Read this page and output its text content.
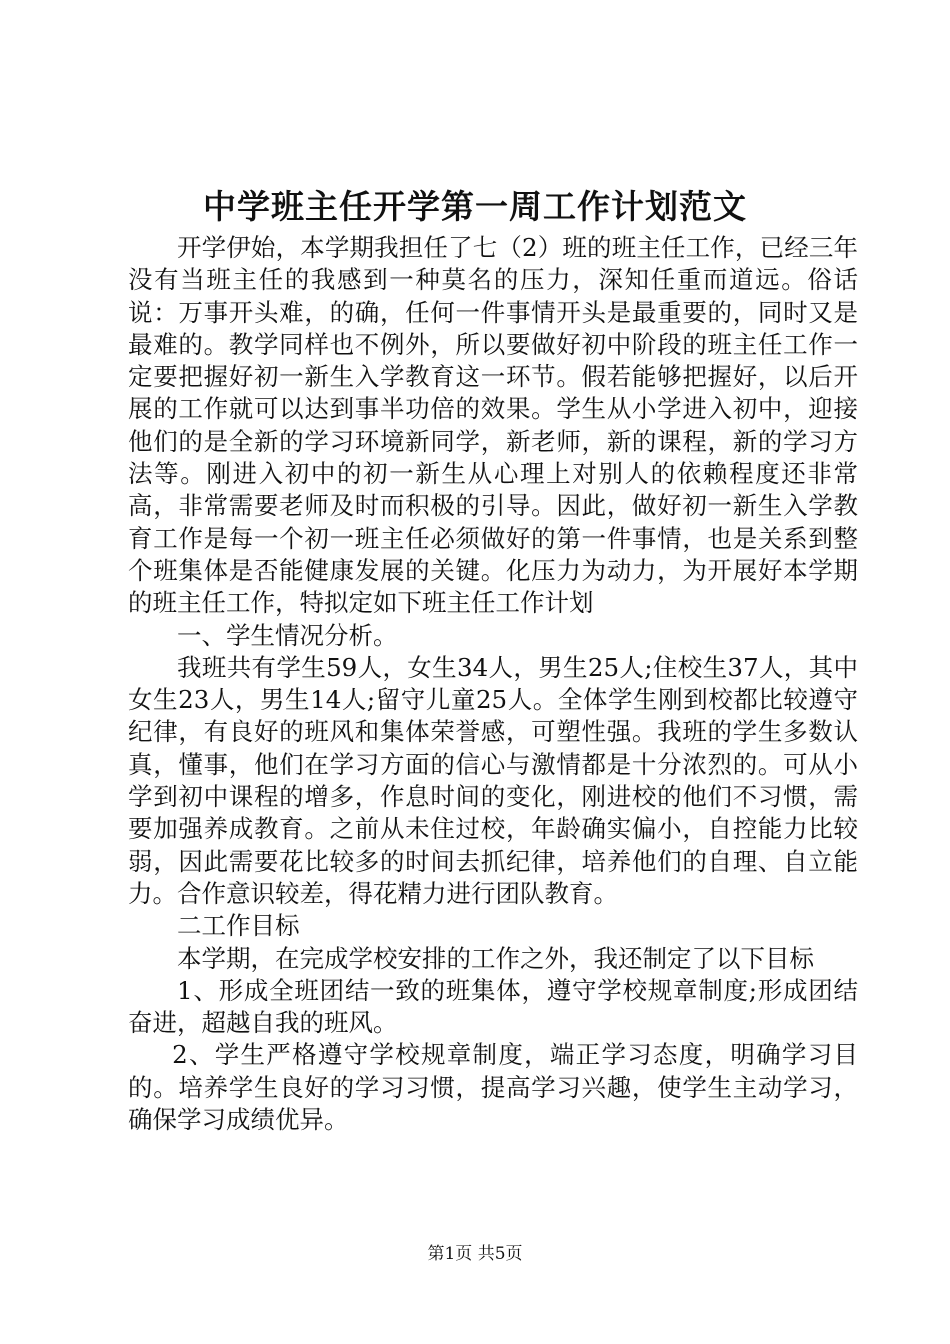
中学班主任开学第一周工作计划范文

开学伊始，本学期我担任了七（2）班的班主任工作，已经三年没有当班主任的我感到一种莫名的压力，深知任重而道远。俗话说：万事开头难，的确，任何一件事情开头是最重要的，同时又是最难的。教学同样也不例外，所以要做好初中阶段的班主任工作一定要把握好初一新生入学教育这一环节。假若能够把握好，以后开展的工作就可以达到事半功倍的效果。学生从小学进入初中，迎接他们的是全新的学习环境新同学，新老师，新的课程，新的学习方法等。刚进入初中的初一新生从心理上对别人的依赖程度还非常高，非常需要老师及时而积极的引导。因此，做好初一新生入学教育工作是每一个初一班主任必须做好的第一件事情，也是关系到整个班集体是否能健康发展的关键。化压力为动力，为开展好本学期的班主任工作，特拟定如下班主任工作计划

一、学生情况分析。

我班共有学生59人，女生34人，男生25人;住校生37人，其中女生23人，男生14人;留守儿童25人。全体学生刚到校都比较遵守纪律，有良好的班风和集体荣誉感，可塑性强。我班的学生多数认真，懂事，他们在学习方面的信心与激情都是十分浓烈的。可从小学到初中课程的增多，作息时间的变化，刚进校的他们不习惯，需要加强养成教育。之前从未住过校，年龄确实偏小，自控能力比较弱，因此需要花比较多的时间去抓纪律，培养他们的自理、自立能力。合作意识较差，得花精力进行团队教育。

二工作目标

本学期，在完成学校安排的工作之外，我还制定了以下目标

1、形成全班团结一致的班集体，遵守学校规章制度;形成团结奋进，超越自我的班风。

2、学生严格遵守学校规章制度，端正学习态度，明确学习目的。培养学生良好的学习习惯，提高学习兴趣，使学生主动学习，确保学习成绩优异。

第1页 共5页
